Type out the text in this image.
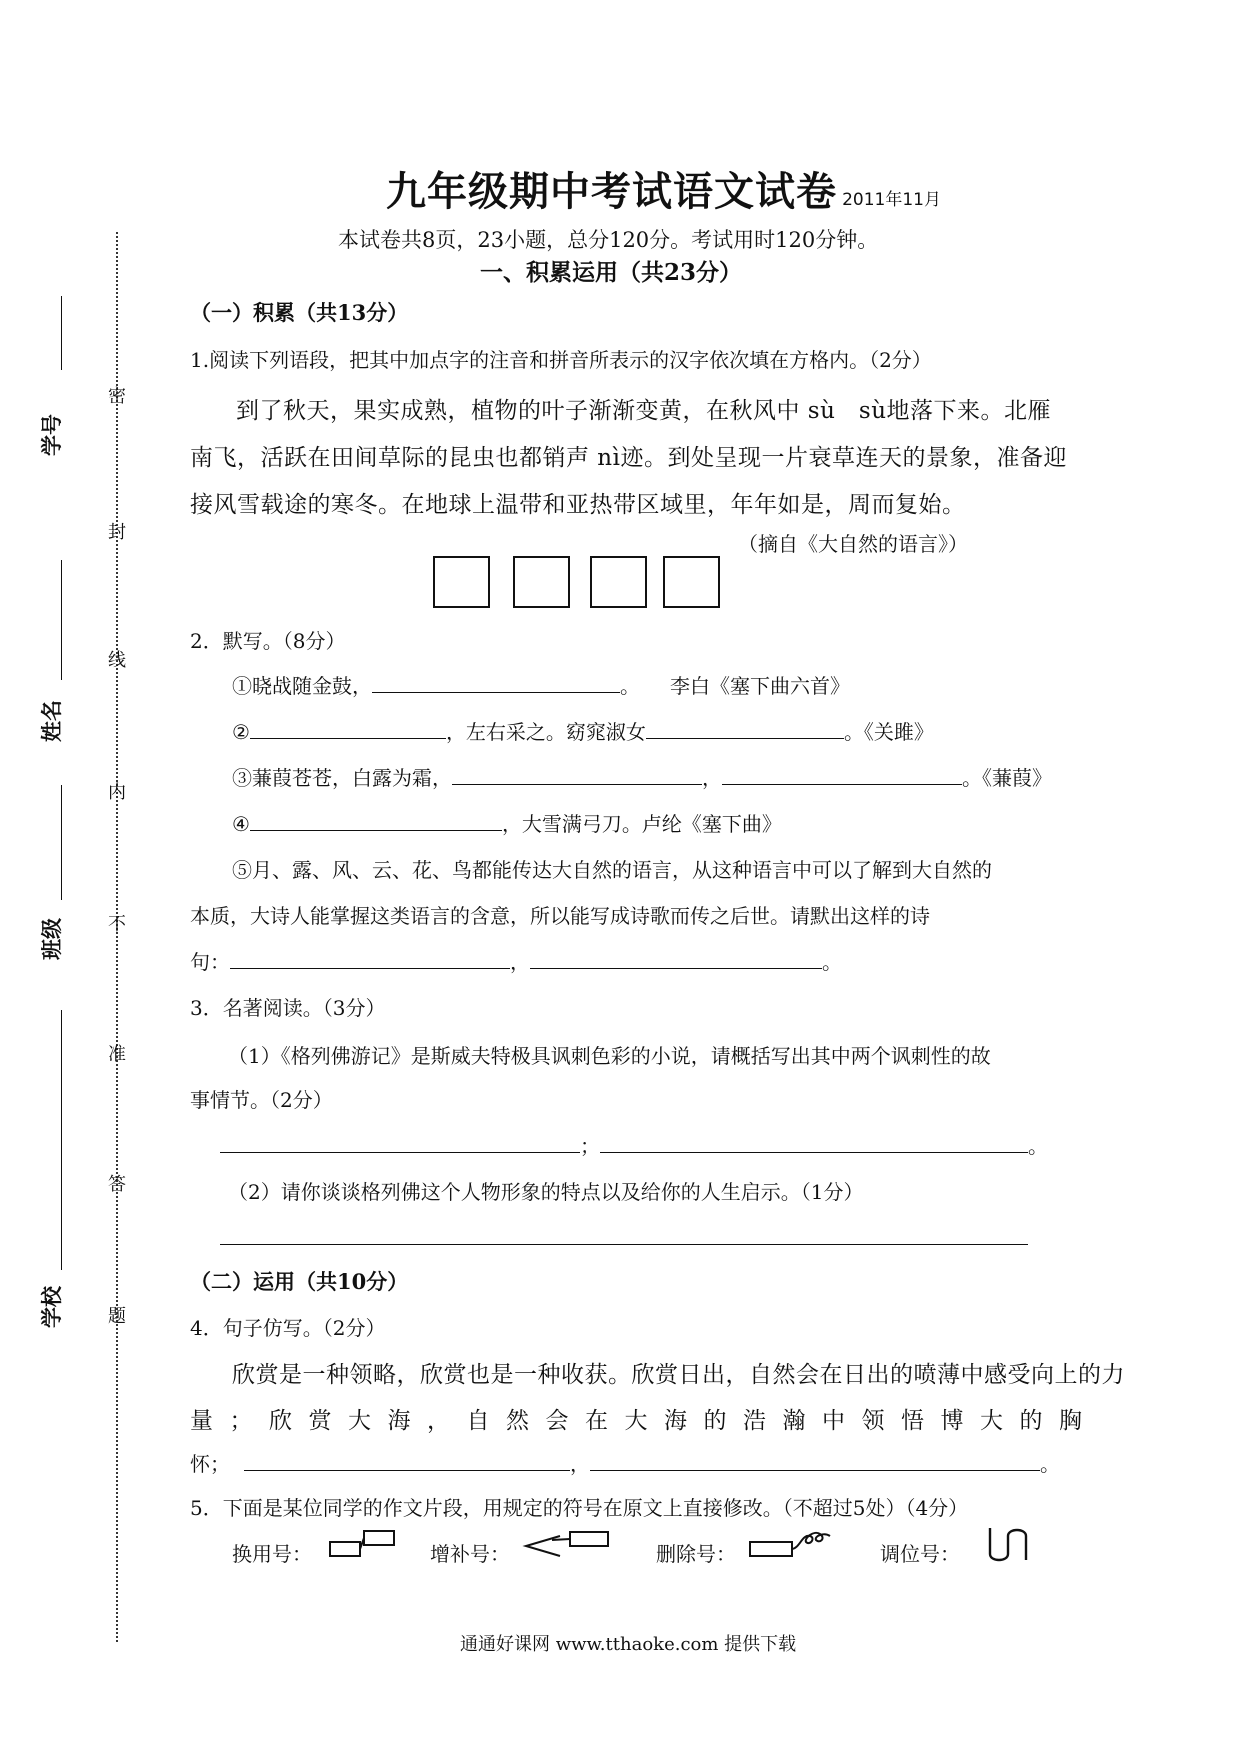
密
封
线
内
不
准
答
题
学号
姓名
班级
学校
九年级期中考试语文试卷 2011年11月
本试卷共8页，23小题，总分120分。考试用时120分钟。
一、积累运用（共23分）
（一）积累（共13分）
1.阅读下列语段，把其中加点字的注音和拼音所表示的汉字依次填在方格内。（2分）
到了秋天，果实成熟，植物的叶子渐渐变黄，在秋风中 sù　sù地落下来。北雁
南飞，活跃在田间草际的昆虫也都销声 nì迹。到处呈现一片衰草连天的景象，准备迎
接风雪载途的寒冬。在地球上温带和亚热带区域里，年年如是，周而复始。
（摘自《大自然的语言》）
2．默写。（8分）
①晓战随金鼓，	。　　李白《塞下曲六首》
②	，左右采之。窈窕淑女	。《关雎》
③蒹葭苍苍，白露为霜，	，	。《蒹葭》
④	，大雪满弓刀。卢纶《塞下曲》
⑤月、露、风、云、花、鸟都能传达大自然的语言，从这种语言中可以了解到大自然的
本质，大诗人能掌握这类语言的含意，所以能写成诗歌而传之后世。请默出这样的诗
句：	，	。
3．名著阅读。（3分）
（1）《格列佛游记》是斯威夫特极具讽刺色彩的小说，请概括写出其中两个讽刺性的故
事情节。（2分）
；	。
（2）请你谈谈格列佛这个人物形象的特点以及给你的人生启示。（1分）
（二）运用（共10分）
4．句子仿写。（2分）
欣赏是一种领略，欣赏也是一种收获。欣赏日出，自然会在日出的喷薄中感受向上的力
量；欣赏大海，自然会在大海的浩瀚中领悟博大的胸
怀；	，	。
5．下面是某位同学的作文片段，用规定的符号在原文上直接修改。（不超过5处）（4分）
换用号：	增补号：	删除号：	调位号：
通通好课网 www.tthaoke.com 提供下载
